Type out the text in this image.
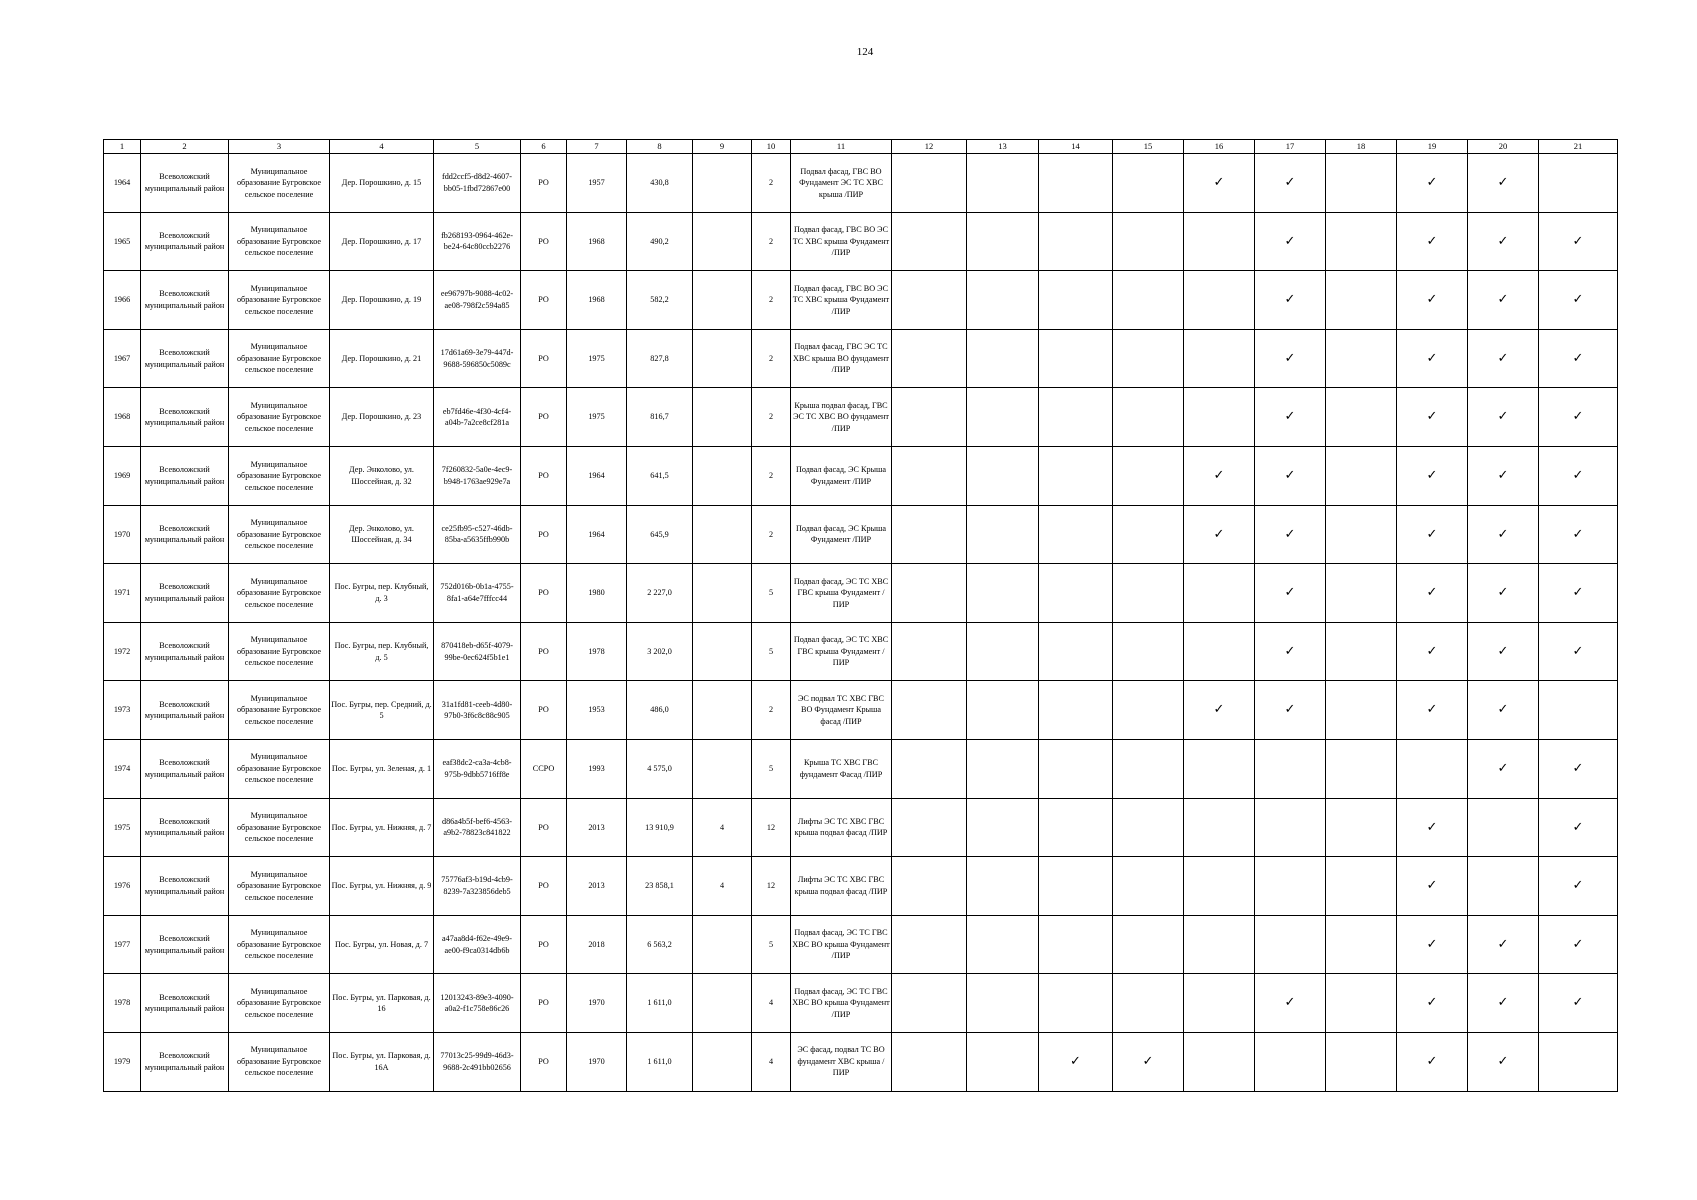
124
1	2	3	4	5	6	7	8	9	10	11	12	13	14	15	16	17	18	19	20	21
1964	Всеволожский муниципальный район	Муниципальное образование Бугровское сельское поселение	Дер. Порошкино, д. 15	fdd2ccf5-d8d2-4607-bb05-1fbd72867e00	РО	1957	430,8		2	Подвал фасад, ГВС ВО Фундамент ЭС ТС ХВС крыша /ПИР					✓	✓		✓	✓	
1965	Всеволожский муниципальный район	Муниципальное образование Бугровское сельское поселение	Дер. Порошкино, д. 17	fb268193-0964-462e-be24-64c80ccb2276	РО	1968	490,2		2	Подвал фасад, ГВС ВО ЭС ТС ХВС крыша Фундамент /ПИР						✓		✓	✓	✓
1966	Всеволожский муниципальный район	Муниципальное образование Бугровское сельское поселение	Дер. Порошкино, д. 19	ee96797b-9088-4c02-ae08-798f2c594a85	РО	1968	582,2		2	Подвал фасад, ГВС ВО ЭС ТС ХВС крыша Фундамент /ПИР						✓		✓	✓	✓
1967	Всеволожский муниципальный район	Муниципальное образование Бугровское сельское поселение	Дер. Порошкино, д. 21	17d61a69-3e79-447d-9688-596850c5089c	РО	1975	827,8		2	Подвал фасад, ГВС ЭС ТС ХВС крыша ВО фундамент /ПИР						✓		✓	✓	✓
1968	Всеволожский муниципальный район	Муниципальное образование Бугровское сельское поселение	Дер. Порошкино, д. 23	eb7fd46e-4f30-4cf4-a04b-7a2ce8cf281a	РО	1975	816,7		2	Крыша подвал фасад, ГВС ЭС ТС ХВС ВО фундамент /ПИР						✓		✓	✓	✓
1969	Всеволожский муниципальный район	Муниципальное образование Бугровское сельское поселение	Дер. Энколово, ул. Шоссейная, д. 32	7f260832-5a0e-4ec9-b948-1763ae929e7a	РО	1964	641,5		2	Подвал фасад, ЭС Крыша Фундамент /ПИР					✓	✓		✓	✓	✓
1970	Всеволожский муниципальный район	Муниципальное образование Бугровское сельское поселение	Дер. Энколово, ул. Шоссейная, д. 34	ce25fb95-c527-46db-85ba-a5635ffb990b	РО	1964	645,9		2	Подвал фасад, ЭС Крыша Фундамент /ПИР					✓	✓		✓	✓	✓
1971	Всеволожский муниципальный район	Муниципальное образование Бугровское сельское поселение	Пос. Бугры, пер. Клубный, д. 3	752d016b-0b1a-4755-8fa1-a64e7fffcc44	РО	1980	2 227,0		5	Подвал фасад, ЭС ТС ХВС ГВС крыша Фундамент /ПИР						✓		✓	✓	✓
1972	Всеволожский муниципальный район	Муниципальное образование Бугровское сельское поселение	Пос. Бугры, пер. Клубный, д. 5	870418eb-d65f-4079-99be-0ec624f5b1e1	РО	1978	3 202,0		5	Подвал фасад, ЭС ТС ХВС ГВС крыша Фундамент /ПИР						✓		✓	✓	✓
1973	Всеволожский муниципальный район	Муниципальное образование Бугровское сельское поселение	Пос. Бугры, пер. Средний, д. 5	31a1fd81-ceeb-4d80-97b0-3f6c8c88c905	РО	1953	486,0		2	ЭС подвал ТС ХВС ГВС ВО Фундамент Крыша фасад /ПИР					✓	✓		✓	✓	
1974	Всеволожский муниципальный район	Муниципальное образование Бугровское сельское поселение	Пос. Бугры, ул. Зеленая, д. 1	eaf38dc2-ca3a-4cb8-975b-9dbb5716ff8e	ССРО	1993	4 575,0		5	Крыша ТС ХВС ГВС фундамент Фасад /ПИР									✓	✓
1975	Всеволожский муниципальный район	Муниципальное образование Бугровское сельское поселение	Пос. Бугры, ул. Нижняя, д. 7	d86a4b5f-bef6-4563-a9b2-78823c841822	РО	2013	13 910,9	4	12	Лифты ЭС ТС ХВС ГВС крыша подвал фасад /ПИР								✓		✓
1976	Всеволожский муниципальный район	Муниципальное образование Бугровское сельское поселение	Пос. Бугры, ул. Нижняя, д. 9	75776af3-b19d-4cb9-8239-7a323856deb5	РО	2013	23 858,1	4	12	Лифты ЭС ТС ХВС ГВС крыша подвал фасад /ПИР								✓		✓
1977	Всеволожский муниципальный район	Муниципальное образование Бугровское сельское поселение	Пос. Бугры, ул. Новая, д. 7	a47aa8d4-f62e-49e9-ae00-f9ca0314db6b	РО	2018	6 563,2		5	Подвал фасад, ЭС ТС ГВС ХВС ВО крыша Фундамент /ПИР								✓	✓	✓
1978	Всеволожский муниципальный район	Муниципальное образование Бугровское сельское поселение	Пос. Бугры, ул. Парковая, д. 16	12013243-89e3-4090-a0a2-f1c758e86c26	РО	1970	1 611,0		4	Подвал фасад, ЭС ТС ГВС ХВС ВО крыша Фундамент /ПИР						✓		✓	✓	✓
1979	Всеволожский муниципальный район	Муниципальное образование Бугровское сельское поселение	Пос. Бугры, ул. Парковая, д. 16А	77013c25-99d9-46d3-9688-2c491bb02656	РО	1970	1 611,0		4	ЭС фасад, подвал ТС ВО фундамент ХВС крыша /ПИР			✓	✓				✓	✓	
